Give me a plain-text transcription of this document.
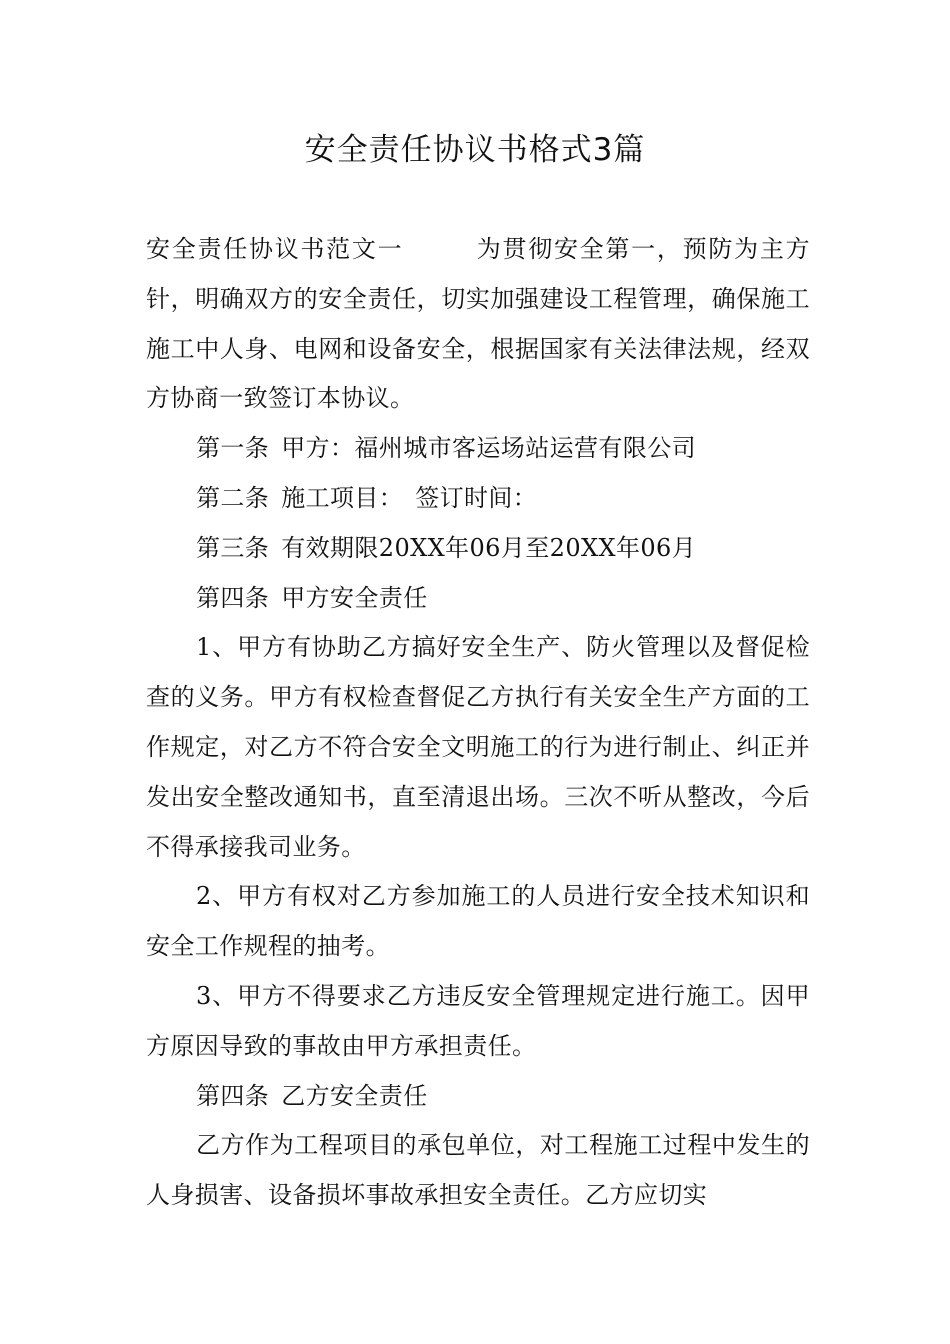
安全责任协议书格式3篇

安全责任协议书范文一	为贯彻安全第一，预防为主方针，明确双方的安全责任，切实加强建设工程管理，确保施工施工中人身、电网和设备安全，根据国家有关法律法规，经双方协商一致签订本协议。

第一条 甲方：福州城市客运场站运营有限公司

第二条 施工项目： 签订时间：

第三条 有效期限20XX年06月至20XX年06月

第四条 甲方安全责任

1、甲方有协助乙方搞好安全生产、防火管理以及督促检查的义务。甲方有权检查督促乙方执行有关安全生产方面的工作规定，对乙方不符合安全文明施工的行为进行制止、纠正并发出安全整改通知书，直至清退出场。三次不听从整改，今后不得承接我司业务。

2、甲方有权对乙方参加施工的人员进行安全技术知识和安全工作规程的抽考。

3、甲方不得要求乙方违反安全管理规定进行施工。因甲方原因导致的事故由甲方承担责任。

第四条 乙方安全责任

乙方作为工程项目的承包单位，对工程施工过程中发生的人身损害、设备损坏事故承担安全责任。乙方应切实
